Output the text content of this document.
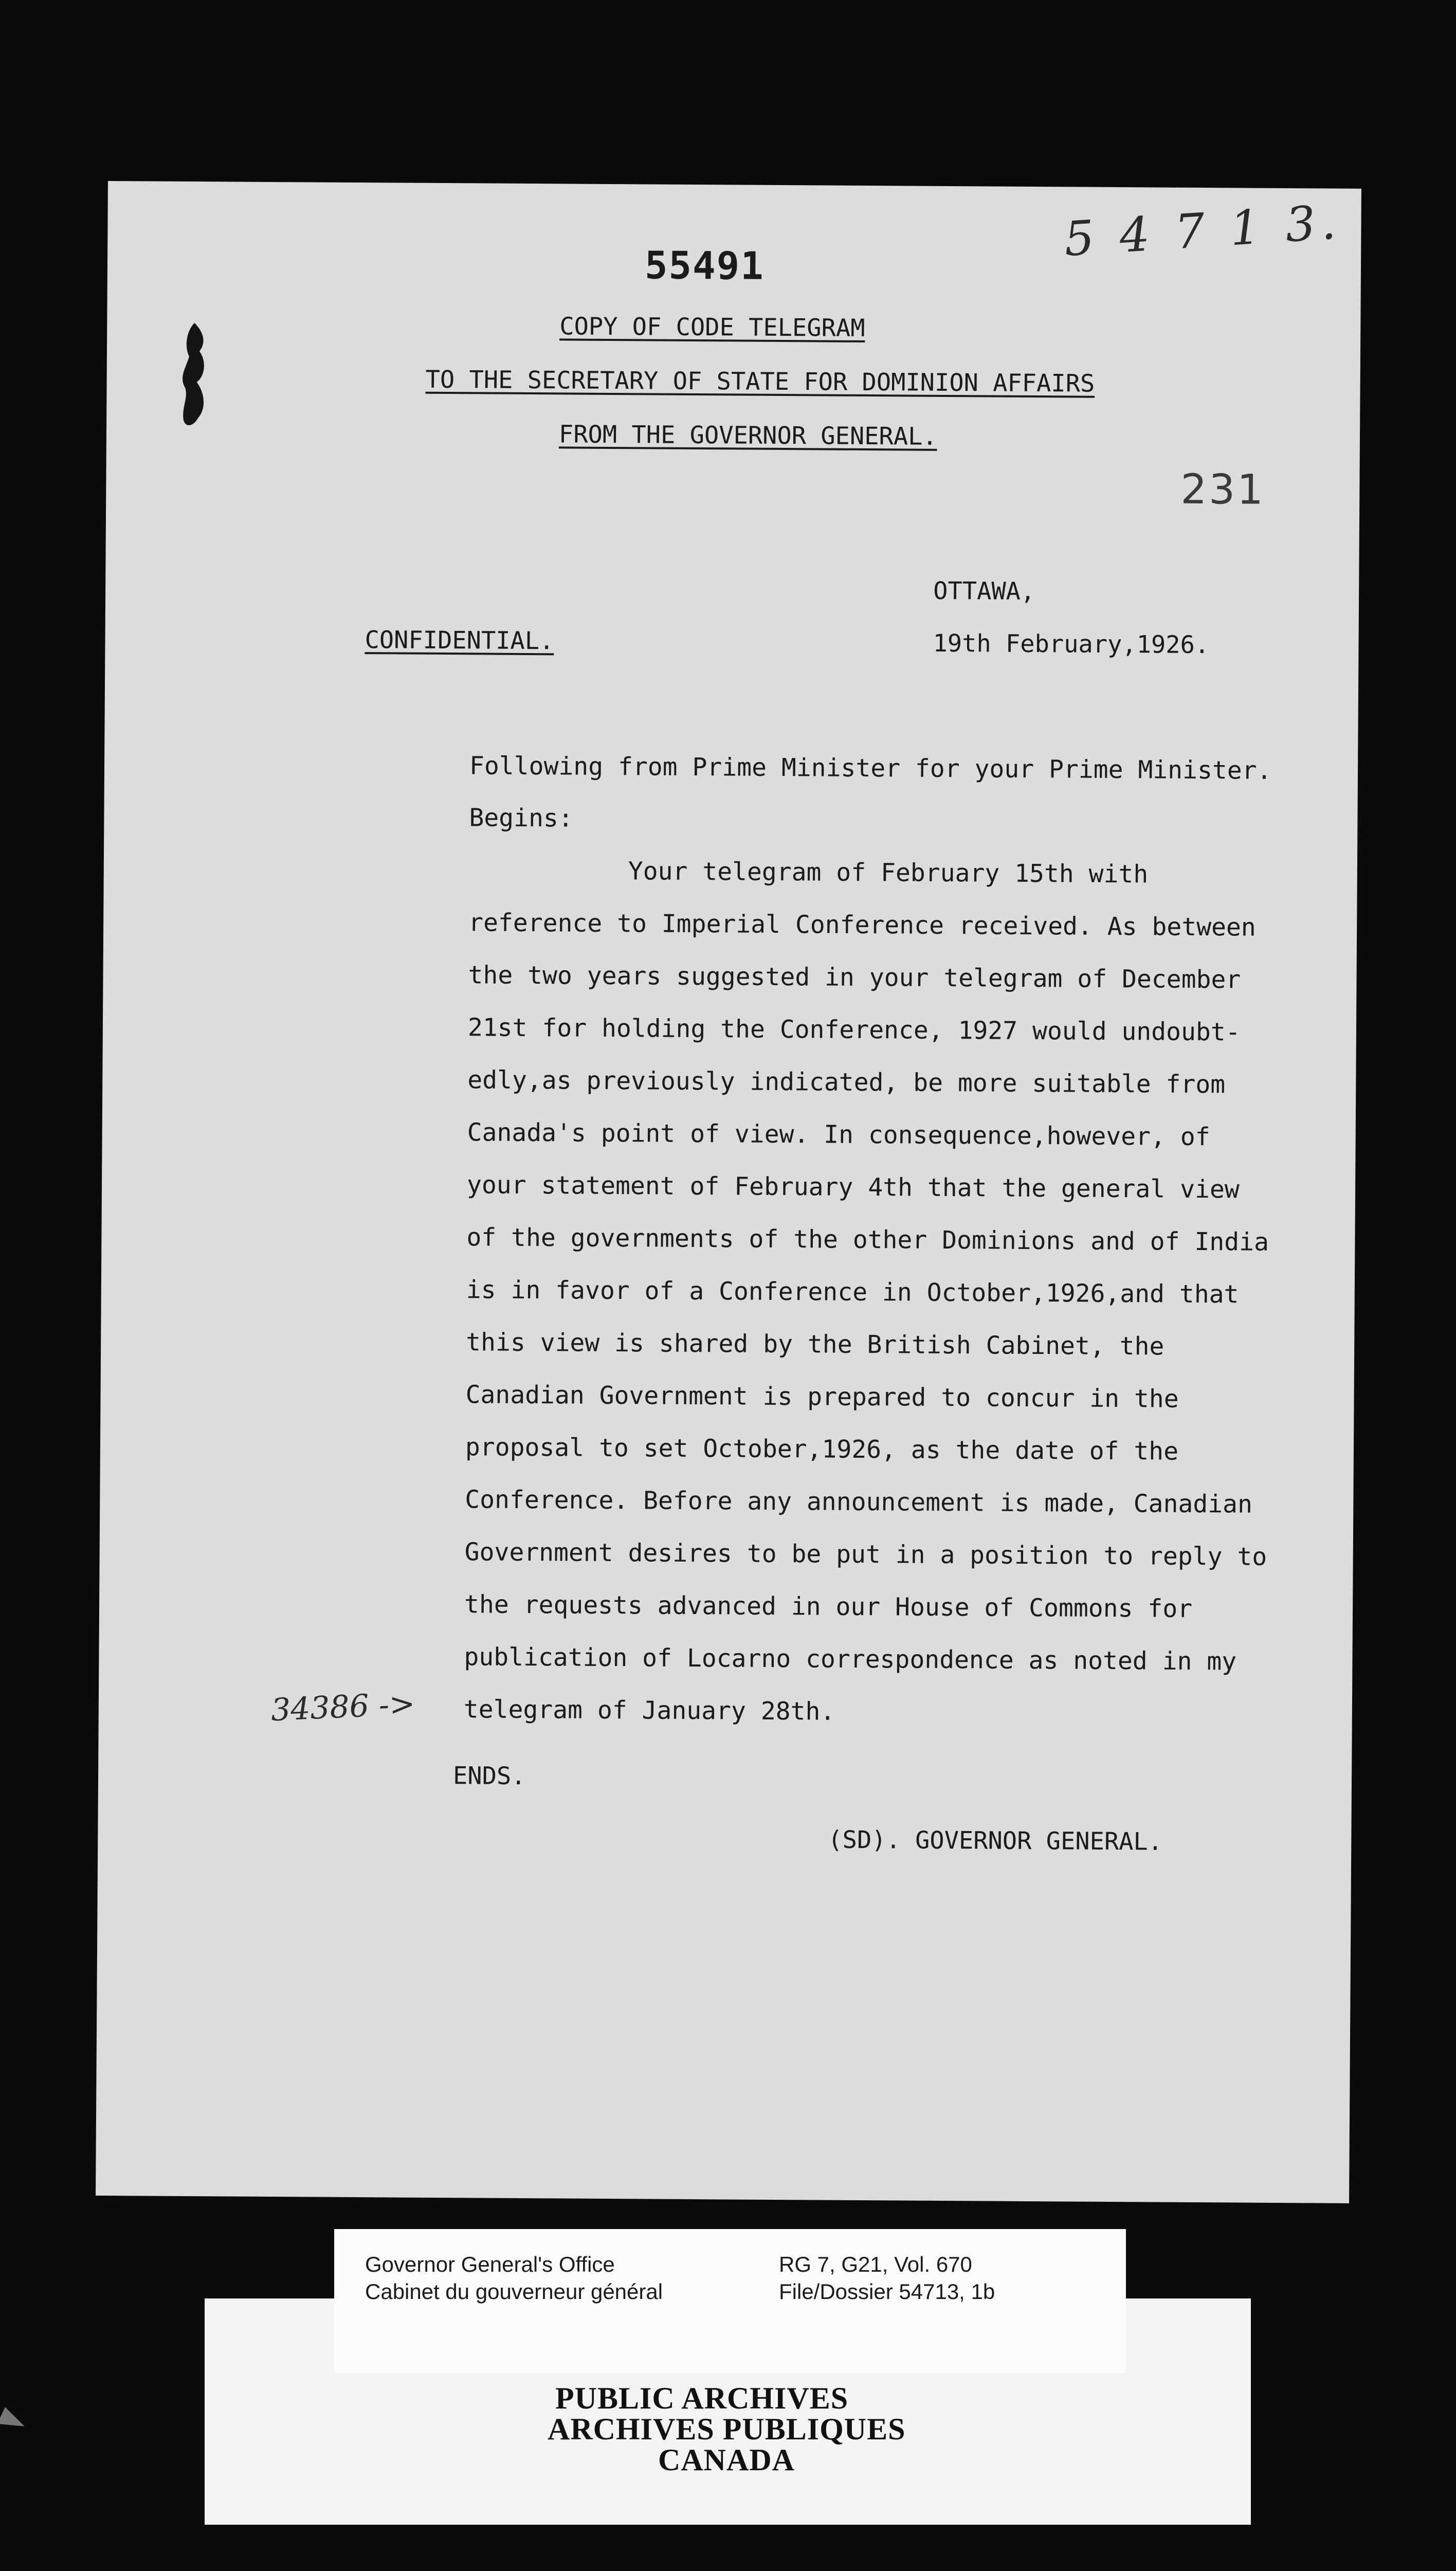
5 4 7 1 3.
231
55491
COPY OF CODE TELEGRAM
TO THE SECRETARY OF STATE FOR DOMINION AFFAIRS
FROM THE GOVERNOR GENERAL.
OTTAWA,
CONFIDENTIAL.	19th February,1926.
Following from Prime Minister for your Prime Minister.
Begins:
Your telegram of February 15th with
reference to Imperial Conference received. As between
the two years suggested in your telegram of December
21st for holding the Conference, 1927 would undoubt-
edly,as previously indicated, be more suitable from
Canada's point of view. In consequence,however, of
your statement of February 4th that the general view
of the governments of the other Dominions and of India
is in favor of a Conference in October,1926,and that
this view is shared by the British Cabinet, the
Canadian Government is prepared to concur in the
proposal to set October,1926, as the date of the
Conference. Before any announcement is made, Canadian
Government desires to be put in a position to reply to
the requests advanced in our House of Commons for
publication of Locarno correspondence as noted in my
telegram of January 28th.
34386 ->
ENDS.
(SD). GOVERNOR GENERAL.
Governor General's Office
Cabinet du gouverneur général
RG 7, G21, Vol. 670
File/Dossier 54713, 1b
PUBLIC ARCHIVES
ARCHIVES PUBLIQUES
CANADA
